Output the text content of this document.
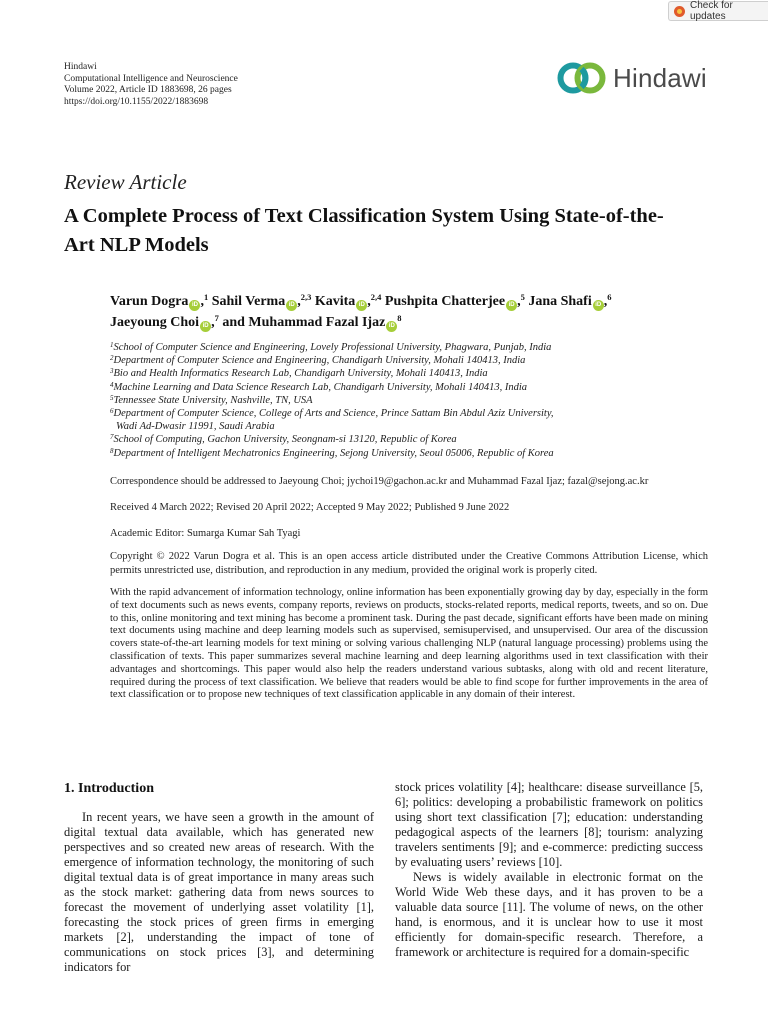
Check for updates
Hindawi
Computational Intelligence and Neuroscience
Volume 2022, Article ID 1883698, 26 pages
https://doi.org/10.1155/2022/1883698
Hindawi
Review Article
A Complete Process of Text Classification System Using State-of-the-Art NLP Models
Varun Dogra iD ,$^1$ Sahil Verma iD ,$^{2,3}$ Kavita iD ,$^{2,4}$ Pushpita Chatterjee iD ,$^5$ Jana Shafi iD ,$^6$
Jaeyoung Choi iD ,$^7$ and Muhammad Fazal Ijaz $iD^8$
$^1$School of Computer Science and Engineering, Lovely Professional University, Phagwara, Punjab, India
$^2$Department of Computer Science and Engineering, Chandigarh University, Mohali 140413, India
$^3$Bio and Health Informatics Research Lab, Chandigarh University, Mohali 140413, India
$^4$Machine Learning and Data Science Research Lab, Chandigarh University, Mohali 140413, India
$^5$Tennessee State University, Nashville, TN, USA
$^6$Department of Computer Science, College of Arts and Science, Prince Sattam Bin Abdul Aziz University,
Wadi Ad-Dwasir 11991, Saudi Arabia
$^7$School of Computing, Gachon University, Seongnam-si 13120, Republic of Korea
$^8$Department of Intelligent Mechatronics Engineering, Sejong University, Seoul 05006, Republic of Korea
Correspondence should be addressed to Jaeyoung Choi; jychoi19@gachon.ac.kr and Muhammad Fazal Ijaz; fazal@sejong.ac.kr
Received 4 March 2022; Revised 20 April 2022; Accepted 9 May 2022; Published 9 June 2022
Academic Editor: Sumarga Kumar Sah Tyagi
Copyright © 2022 Varun Dogra et al. This is an open access article distributed under the Creative Commons Attribution License, which permits unrestricted use, distribution, and reproduction in any medium, provided the original work is properly cited.
With the rapid advancement of information technology, online information has been exponentially growing day by day, especially in the form of text documents such as news events, company reports, reviews on products, stocks-related reports, medical reports, tweets, and so on. Due to this, online monitoring and text mining has become a prominent task. During the past decade, significant efforts have been made on mining text documents using machine and deep learning models such as supervised, semisupervised, and unsupervised. Our area of the discussion covers state-of-the-art learning models for text mining or solving various challenging NLP (natural language processing) problems using the classification of texts. This paper summarizes several machine learning and deep learning algorithms used in text classification with their advantages and shortcomings. This paper would also help the readers understand various subtasks, along with old and recent literature, required during the process of text classification. We believe that readers would be able to find scope for further improvements in the area of text classification or to propose new techniques of text classification applicable in any domain of their interest.
1. Introduction

In recent years, we have seen a growth in the amount of digital textual data available, which has generated new perspectives and so created new areas of research. With the emergence of information technology, the monitoring of such digital textual data is of great importance in many areas such as the stock market: gathering data from news sources to forecast the movement of underlying asset volatility [1], forecasting the stock prices of green firms in emerging markets [2], understanding the impact of tone of communications on stock prices [3], and determining indicators for

stock prices volatility [4]; healthcare: disease surveillance [5, 6]; politics: developing a probabilistic framework on politics using short text classification [7]; education: understanding pedagogical aspects of the learners [8]; tourism: analyzing travelers sentiments [9]; and e-commerce: predicting success by evaluating users’ reviews [10].

News is widely available in electronic format on the World Wide Web these days, and it has proven to be a valuable data source [11]. The volume of news, on the other hand, is enormous, and it is unclear how to use it most efficiently for domain-specific research. Therefore, a framework or architecture is required for a domain-specific
